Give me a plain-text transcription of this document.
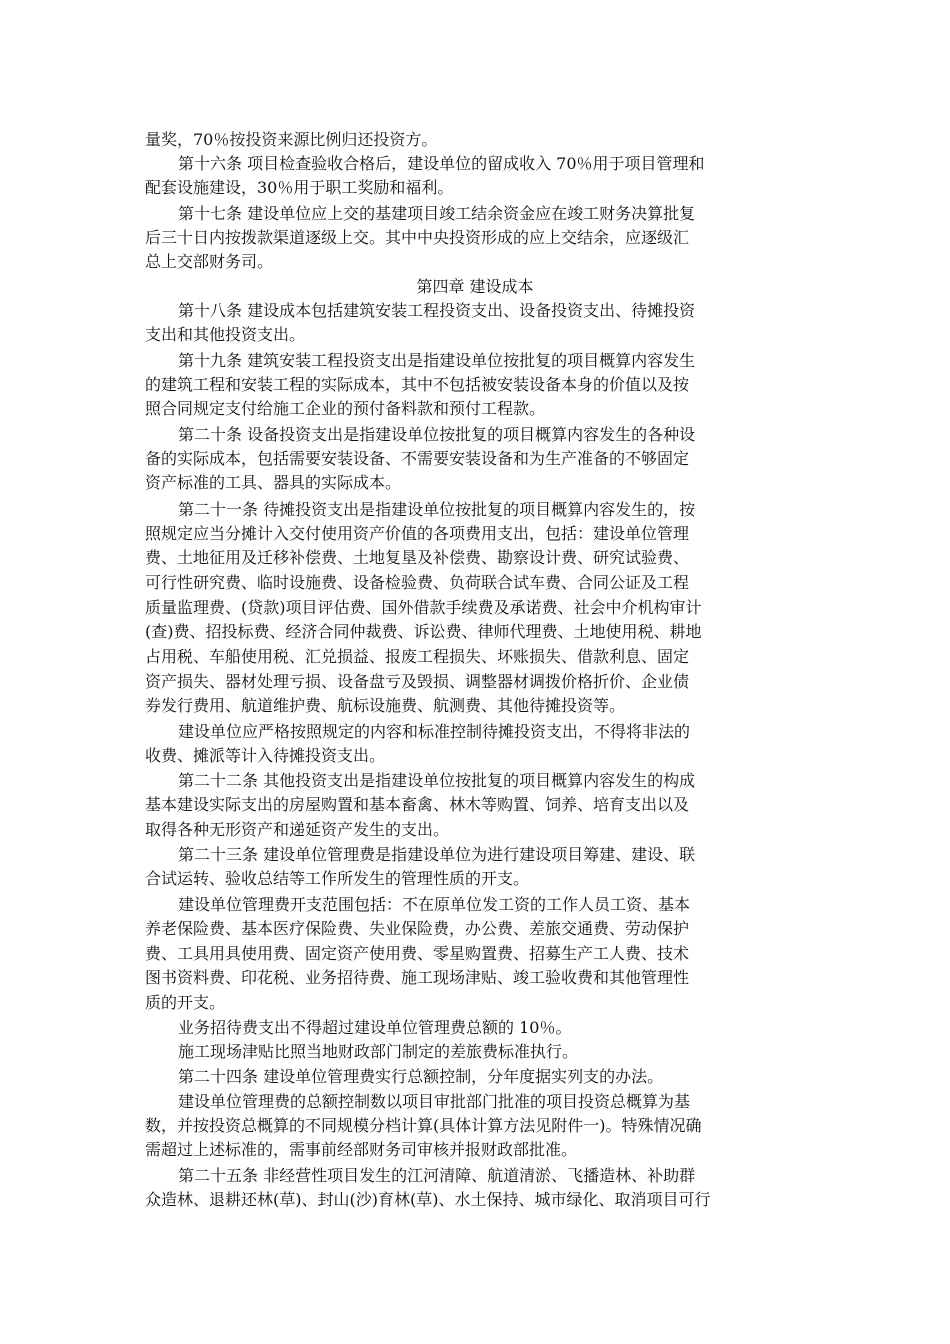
量奖，70％按投资来源比例归还投资方。
第十六条 项目检查验收合格后，建设单位的留成收入 70％用于项目管理和
配套设施建设，30％用于职工奖励和福利。
第十七条 建设单位应上交的基建项目竣工结余资金应在竣工财务决算批复
后三十日内按拨款渠道逐级上交。其中中央投资形成的应上交结余，应逐级汇
总上交部财务司。
第四章 建设成本
第十八条 建设成本包括建筑安装工程投资支出、设备投资支出、待摊投资
支出和其他投资支出。
第十九条 建筑安装工程投资支出是指建设单位按批复的项目概算内容发生
的建筑工程和安装工程的实际成本，其中不包括被安装设备本身的价值以及按
照合同规定支付给施工企业的预付备料款和预付工程款。
第二十条 设备投资支出是指建设单位按批复的项目概算内容发生的各种设
备的实际成本，包括需要安装设备、不需要安装设备和为生产准备的不够固定
资产标准的工具、器具的实际成本。
第二十一条 待摊投资支出是指建设单位按批复的项目概算内容发生的，按
照规定应当分摊计入交付使用资产价值的各项费用支出，包括：建设单位管理
费、土地征用及迁移补偿费、土地复垦及补偿费、勘察设计费、研究试验费、
可行性研究费、临时设施费、设备检验费、负荷联合试车费、合同公证及工程
质量监理费、(贷款)项目评估费、国外借款手续费及承诺费、社会中介机构审计
(查)费、招投标费、经济合同仲裁费、诉讼费、律师代理费、土地使用税、耕地
占用税、车船使用税、汇兑损益、报废工程损失、坏账损失、借款利息、固定
资产损失、器材处理亏损、设备盘亏及毁损、调整器材调拨价格折价、企业债
券发行费用、航道维护费、航标设施费、航测费、其他待摊投资等。
建设单位应严格按照规定的内容和标准控制待摊投资支出，不得将非法的
收费、摊派等计入待摊投资支出。
第二十二条 其他投资支出是指建设单位按批复的项目概算内容发生的构成
基本建设实际支出的房屋购置和基本畜禽、林木等购置、饲养、培育支出以及
取得各种无形资产和递延资产发生的支出。
第二十三条 建设单位管理费是指建设单位为进行建设项目筹建、建设、联
合试运转、验收总结等工作所发生的管理性质的开支。
建设单位管理费开支范围包括：不在原单位发工资的工作人员工资、基本
养老保险费、基本医疗保险费、失业保险费，办公费、差旅交通费、劳动保护
费、工具用具使用费、固定资产使用费、零星购置费、招募生产工人费、技术
图书资料费、印花税、业务招待费、施工现场津贴、竣工验收费和其他管理性
质的开支。
业务招待费支出不得超过建设单位管理费总额的 10％。
施工现场津贴比照当地财政部门制定的差旅费标准执行。
第二十四条 建设单位管理费实行总额控制，分年度据实列支的办法。
建设单位管理费的总额控制数以项目审批部门批准的项目投资总概算为基
数，并按投资总概算的不同规模分档计算(具体计算方法见附件一)。特殊情况确
需超过上述标准的，需事前经部财务司审核并报财政部批准。
第二十五条 非经营性项目发生的江河清障、航道清淤、飞播造林、补助群
众造林、退耕还林(草)、封山(沙)育林(草)、水土保持、城市绿化、取消项目可行
